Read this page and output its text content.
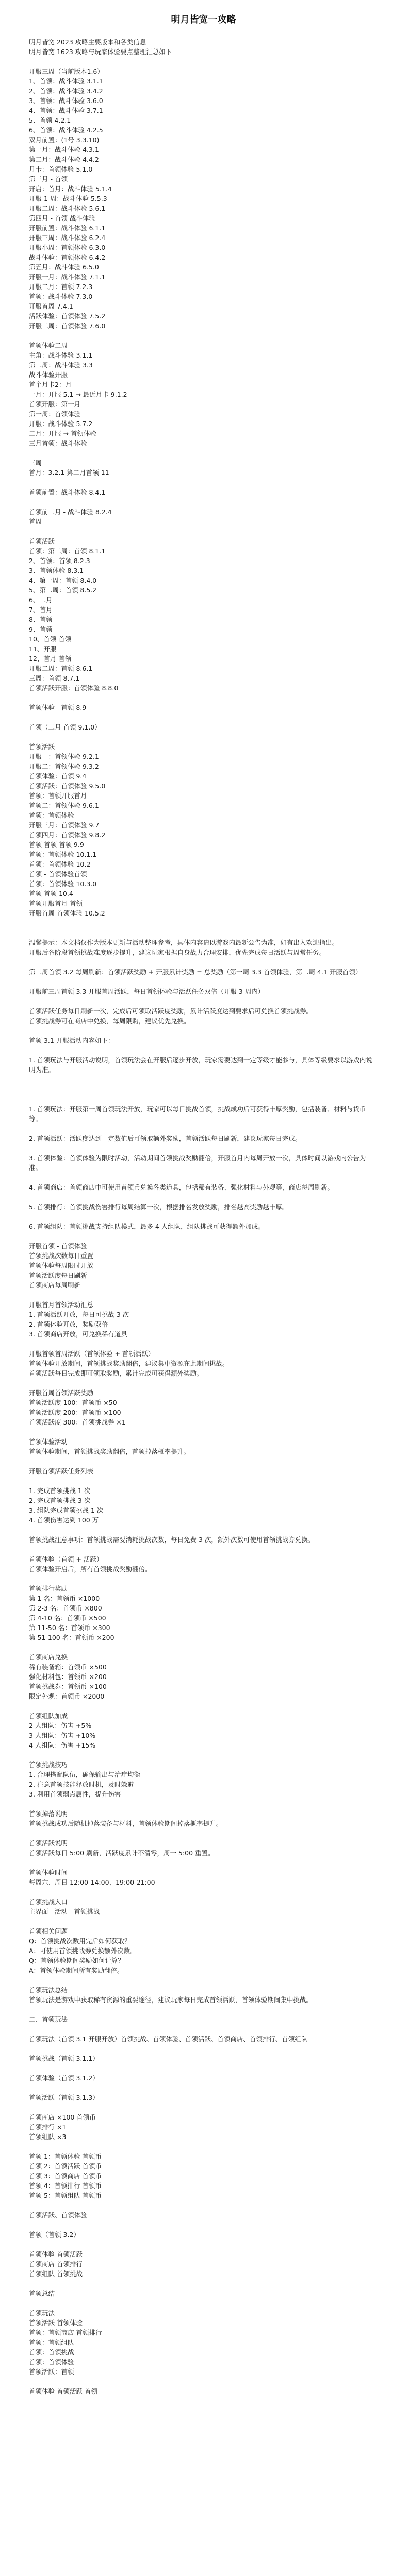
明月皆宽一攻略

明月皆宽 2023 攻略主要版本和各类信息

明月皆宽 1623 攻略与玩家体验要点整理汇总如下

开服三周（当前版本1.6）

1、首领：战斗体验 3.1.1

2、首领：战斗体验 3.4.2

3、首领：战斗体验 3.6.0

4、首领：战斗体验 3.7.1

5、首领 4.2.1

6、首领：战斗体验 4.2.5

双月前置：(1号 3.3.10)

第一月：战斗体验 4.3.1

第二月：战斗体验 4.4.2

月卡：首领体验 5.1.0

第三月 - 首领

开启：首月：战斗体验 5.1.4

开服 1 周：战斗体验 5.5.3

开服二周：战斗体验 5.6.1

第四月 - 首领 战斗体验

开服前置：战斗体验 6.1.1

开服三周：战斗体验 6.2.4

开服小周：首领体验 6.3.0

战斗体验：首领体验 6.4.2

第五月：战斗体验 6.5.0

开服一月：战斗体验 7.1.1

开服二月：首领 7.2.3

首领：战斗体验 7.3.0

开服首周 7.4.1

活跃体验：首领体验 7.5.2

开服二周：首领体验 7.6.0

首领体验二周

主角：战斗体验 3.1.1

第二周：战斗体验 3.3

战斗体验开服

首个月卡2：月

一月：开服 5.1 → 最近月卡 9.1.2

首领开服：第一月

第一周：首领体验

开服：战斗体验 5.7.2

二月：开服 → 首领体验

三月首领：战斗体验

三周

首月：3.2.1 第二月首领 11

首领前置：战斗体验 8.4.1

首领前二月 - 战斗体验 8.2.4

首周

首领活跃

首领：第二周：首领 8.1.1

2、首领：首领 8.2.3

3、首领体验 8.3.1

4、第一周：首领 8.4.0

5、第二周：首领 8.5.2

6、二月

7、首月

8、首领

9、首领

10、首领 首领

11、开服

12、首月 首领

开服二周：首领 8.6.1

三周：首领 8.7.1

首领活跃开服：首领体验 8.8.0

首领体验 - 首领 8.9

首领（二月 首领 9.1.0）

首领活跃

开服一：首领体验 9.2.1

开服二：首领体验 9.3.2

首领体验：首领 9.4

首领活跃：首领体验 9.5.0

首领：首领开服首月

首领二：首领体验 9.6.1

首领：首领体验

开服三月：首领体验 9.7

首领四月：首领体验 9.8.2

首领 首领 首领 9.9

首领：首领体验 10.1.1

首领：首领体验 10.2

首领 - 首领体验首领

首领：首领体验 10.3.0

首领 首领 10.4

首领开服首月 首领

开服首周 首领体验 10.5.2

温馨提示：本文档仅作为版本更新与活动整理参考，具体内容请以游戏内最新公告为准，如有出入欢迎指出。

开服后各阶段首领挑战难度逐步提升，建议玩家根据自身战力合理安排，优先完成每日活跃与周常任务。

第二周首领 3.2 每周刷新：首领活跃奖励 + 开服累计奖励 = 总奖励（第一周 3.3 首领体验，第二周 4.1 开服首领）

开服前三周首领 3.3 开服首周活跃，每日首领体验与活跃任务双倍（开服 3 周内）

首领活跃任务每日刷新一次，完成后可领取活跃度奖励，累计活跃度达到要求后可兑换首领挑战券。

首领挑战券可在商店中兑换，每周限购，建议优先兑换。

首领 3.1 开服活动内容如下：

1. 首领玩法与开服活动说明，首领玩法会在开服后逐步开放，玩家需要达到一定等级才能参与，具体等级要求以游戏内说明为准。

——————————————————————————————————————————————————————

1. 首领玩法：开服第一周首领玩法开放，玩家可以每日挑战首领，挑战成功后可获得丰厚奖励，包括装备、材料与货币等。

2. 首领活跃：活跃度达到一定数值后可领取额外奖励，首领活跃每日刷新，建议玩家每日完成。

3. 首领体验：首领体验为限时活动，活动期间首领挑战奖励翻倍，开服首月内每周开放一次，具体时间以游戏内公告为准。

4. 首领商店：首领商店中可使用首领币兑换各类道具，包括稀有装备、强化材料与外观等，商店每周刷新。

5. 首领排行：首领挑战伤害排行每周结算一次，根据排名发放奖励，排名越高奖励越丰厚。

6. 首领组队：首领挑战支持组队模式，最多 4 人组队，组队挑战可获得额外加成。

开服首领 - 首领体验

首领挑战次数每日重置

首领体验每周限时开放

首领活跃度每日刷新

首领商店每周刷新

开服首月首领活动汇总

1. 首领活跃开放，每日可挑战 3 次

2. 首领体验开放，奖励双倍

3. 首领商店开放，可兑换稀有道具

开服首领首周活跃（首领体验 + 首领活跃）

首领体验开放期间，首领挑战奖励翻倍，建议集中资源在此期间挑战。

首领活跃每日完成即可领取奖励，累计完成可获得额外奖励。

开服首周首领活跃奖励

首领活跃度 100：首领币 ×50

首领活跃度 200：首领币 ×100

首领活跃度 300：首领挑战券 ×1

首领体验活动

首领体验期间，首领挑战奖励翻倍，首领掉落概率提升。

开服首领活跃任务列表

1. 完成首领挑战 1 次

2. 完成首领挑战 3 次

3. 组队完成首领挑战 1 次

4. 首领伤害达到 100 万

首领挑战注意事项：首领挑战需要消耗挑战次数，每日免费 3 次，额外次数可使用首领挑战券兑换。

首领体验（首领 + 活跃）

首领体验开启后，所有首领挑战奖励翻倍。

首领排行奖励

第 1 名：首领币 ×1000

第 2-3 名：首领币 ×800

第 4-10 名：首领币 ×500

第 11-50 名：首领币 ×300

第 51-100 名：首领币 ×200

首领商店兑换

稀有装备箱：首领币 ×500

强化材料包：首领币 ×200

首领挑战券：首领币 ×100

限定外观：首领币 ×2000

首领组队加成

2 人组队：伤害 +5%

3 人组队：伤害 +10%

4 人组队：伤害 +15%

首领挑战技巧

1. 合理搭配队伍，确保输出与治疗均衡

2. 注意首领技能释放时机，及时躲避

3. 利用首领弱点属性，提升伤害

首领掉落说明

首领挑战成功后随机掉落装备与材料，首领体验期间掉落概率提升。

首领活跃说明

首领活跃每日 5:00 刷新，活跃度累计不清零，周一 5:00 重置。

首领体验时间

每周六、周日 12:00-14:00、19:00-21:00

首领挑战入口

主界面 - 活动 - 首领挑战

首领相关问题

Q：首领挑战次数用完后如何获取？

A：可使用首领挑战券兑换额外次数。

Q：首领体验期间奖励如何计算？

A：首领体验期间所有奖励翻倍。

首领玩法总结

首领玩法是游戏中获取稀有资源的重要途径，建议玩家每日完成首领活跃，首领体验期间集中挑战。

二、首领玩法

首领玩法（首领 3.1 开服开放）首领挑战、首领体验、首领活跃、首领商店、首领排行、首领组队

首领挑战（首领 3.1.1）

首领体验（首领 3.1.2）

首领活跃（首领 3.1.3）

首领商店 ×100 首领币

首领排行 ×1

首领组队 ×3

首领 1：首领体验 首领币

首领 2：首领活跃 首领币

首领 3：首领商店 首领币

首领 4：首领排行 首领币

首领 5：首领组队 首领币

首领活跃、首领体验

首领（首领 3.2）

首领体验 首领活跃

首领商店 首领排行

首领组队 首领挑战

首领总结

首领玩法

首领活跃 首领体验

首领：首领商店 首领排行

首领：首领组队

首领：首领挑战

首领：首领体验

首领活跃：首领

首领体验 首领活跃 首领
